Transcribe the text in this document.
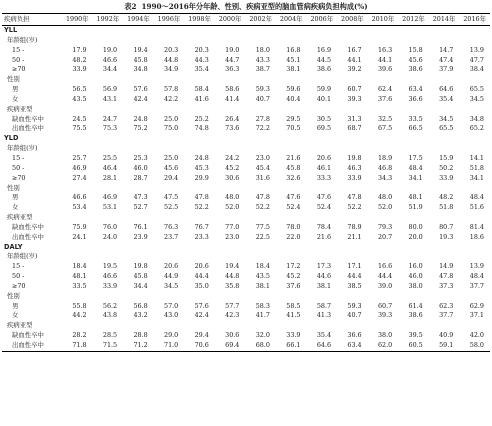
表2 1990～2016年分年龄、性别、疾病亚型的脑血管病疾病负担构成(%)
疾病负担	1990年	1992年	1994年	1996年	1998年	2000年	2002年	2004年	2006年	2008年	2010年	2012年	2014年	2016年
YLL														
年龄组(岁)														
15 -	17.9	19.0	19.4	20.3	20.3	19.0	18.0	16.8	16.9	16.7	16.3	15.8	14.7	13.9
50 -	48.2	46.6	45.8	44.8	44.3	44.7	43.3	45.1	44.5	44.1	44.1	45.6	47.4	47.7
≥70	33.9	34.4	34.8	34.9	35.4	36.3	38.7	38.1	38.6	39.2	39.6	38.6	37.9	38.4
性别														
男	56.5	56.9	57.6	57.8	58.4	58.6	59.3	59.6	59.9	60.7	62.4	63.4	64.6	65.5
女	43.5	43.1	42.4	42.2	41.6	41.4	40.7	40.4	40.1	39.3	37.6	36.6	35.4	34.5
疾病亚型														
缺血性卒中	24.5	24.7	24.8	25.0	25.2	26.4	27.8	29.5	30.5	31.3	32.5	33.5	34.5	34.8
出血性卒中	75.5	75.3	75.2	75.0	74.8	73.6	72.2	70.5	69.5	68.7	67.5	66.5	65.5	65.2
YLD														
年龄组(岁)														
15 -	25.7	25.5	25.3	25.0	24.8	24.2	23.0	21.6	20.6	19.8	18.9	17.5	15.9	14.1
50 -	46.9	46.4	46.0	45.6	45.3	45.2	45.4	45.8	46.1	46.3	46.8	48.4	50.2	51.8
≥70	27.4	28.1	28.7	29.4	29.9	30.6	31.6	32.6	33.3	33.9	34.3	34.1	33.9	34.1
性别														
男	46.6	46.9	47.3	47.5	47.8	48.0	47.8	47.6	47.6	47.8	48.0	48.1	48.2	48.4
女	53.4	53.1	52.7	52.5	52.2	52.0	52.2	52.4	52.4	52.2	52.0	51.9	51.8	51.6
疾病亚型														
缺血性卒中	75.9	76.0	76.1	76.3	76.7	77.0	77.5	78.0	78.4	78.9	79.3	80.0	80.7	81.4
出血性卒中	24.1	24.0	23.9	23.7	23.3	23.0	22.5	22.0	21.6	21.1	20.7	20.0	19.3	18.6
DALY														
年龄组(岁)														
15 -	18.4	19.5	19.8	20.6	20.6	19.4	18.4	17.2	17.3	17.1	16.6	16.0	14.9	13.9
50 -	48.1	46.6	45.8	44.9	44.4	44.8	43.5	45.2	44.6	44.4	44.4	46.0	47.8	48.4
≥70	33.5	33.9	34.4	34.5	35.0	35.8	38.1	37.6	38.1	38.5	39.0	38.0	37.3	37.7
性别														
男	55.8	56.2	56.8	57.0	57.6	57.7	58.3	58.5	58.7	59.3	60.7	61.4	62.3	62.9
女	44.2	43.8	43.2	43.0	42.4	42.3	41.7	41.5	41.3	40.7	39.3	38.6	37.7	37.1
疾病亚型														
缺血性卒中	28.2	28.5	28.8	29.0	29.4	30.6	32.0	33.9	35.4	36.6	38.0	39.5	40.9	42.0
出血性卒中	71.8	71.5	71.2	71.0	70.6	69.4	68.0	66.1	64.6	63.4	62.0	60.5	59.1	58.0
